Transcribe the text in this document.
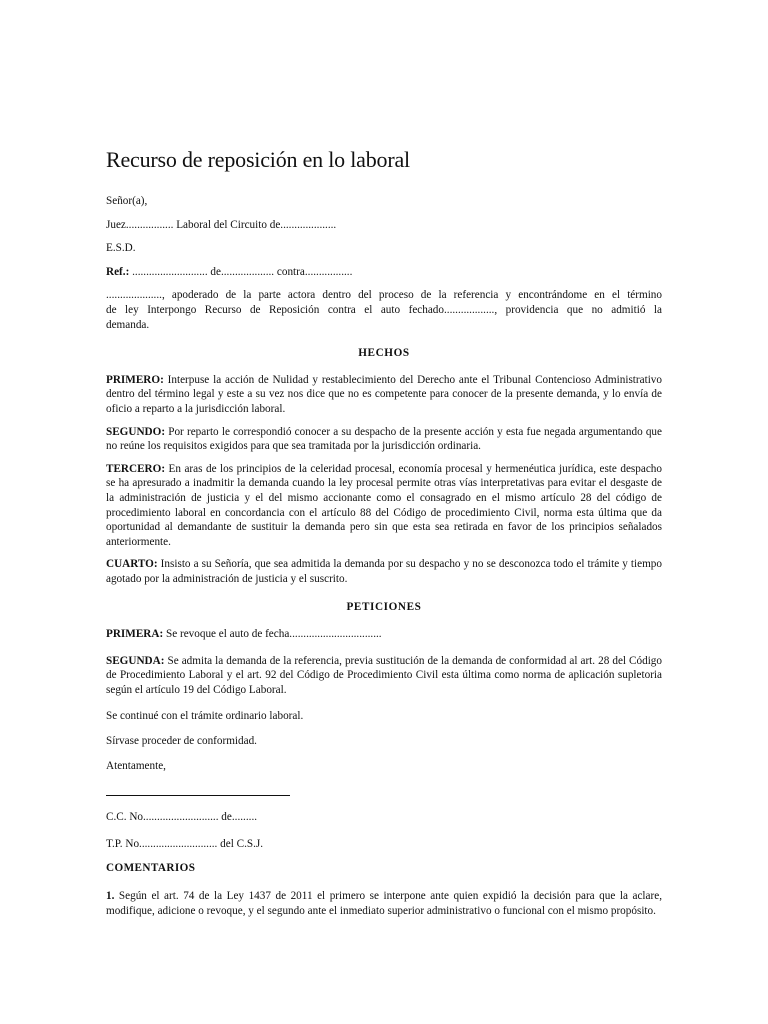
Recurso de reposición en lo laboral

Señor(a),

Juez................. Laboral del Circuito de....................

E.S.D.

Ref.: ........................... de................... contra.................

...................., apoderado de la parte actora dentro del proceso de la referencia y encontrándome en el término

de ley Interpongo Recurso de Reposición contra el auto fechado.................., providencia que no admitió la

demanda.

HECHOS

PRIMERO: Interpuse la acción de Nulidad y restablecimiento del Derecho ante el Tribunal Contencioso Administrativo dentro del término legal y este a su vez nos dice que no es competente para conocer de la presente demanda, y lo envía de oficio a reparto a la jurisdicción laboral.

SEGUNDO: Por reparto le correspondió conocer a su despacho de la presente acción y esta fue negada argumentando que no reúne los requisitos exigidos para que sea tramitada por la jurisdicción ordinaria.

TERCERO: En aras de los principios de la celeridad procesal, economía procesal y hermenéutica jurídica, este despacho se ha apresurado a inadmitir la demanda cuando la ley procesal permite otras vías interpretativas para evitar el desgaste de la administración de justicia y el del mismo accionante como el consagrado en el mismo artículo 28 del código de procedimiento laboral en concordancia con el artículo 88 del Código de procedimiento Civil, norma esta última que da oportunidad al demandante de sustituir la demanda pero sin que esta sea retirada en favor de los principios señalados anteriormente.

CUARTO: Insisto a su Señoría, que sea admitida la demanda por su despacho y no se desconozca todo el trámite y tiempo agotado por la administración de justicia y el suscrito.

PETICIONES

PRIMERA: Se revoque el auto de fecha.................................

SEGUNDA: Se admita la demanda de la referencia, previa sustitución de la demanda de conformidad al art. 28 del Código de Procedimiento Laboral y el art. 92 del Código de Procedimiento Civil esta última como norma de aplicación supletoria según el artículo 19 del Código Laboral.

Se continué con el trámite ordinario laboral.

Sírvase proceder de conformidad.

Atentamente,

C.C. No........................... de.........

T.P. No............................ del C.S.J.

COMENTARIOS

1. Según el art. 74 de la Ley 1437 de 2011 el primero se interpone ante quien expidió la decisión para que la aclare, modifique, adicione o revoque, y el segundo ante el inmediato superior administrativo o funcional con el mismo propósito.
